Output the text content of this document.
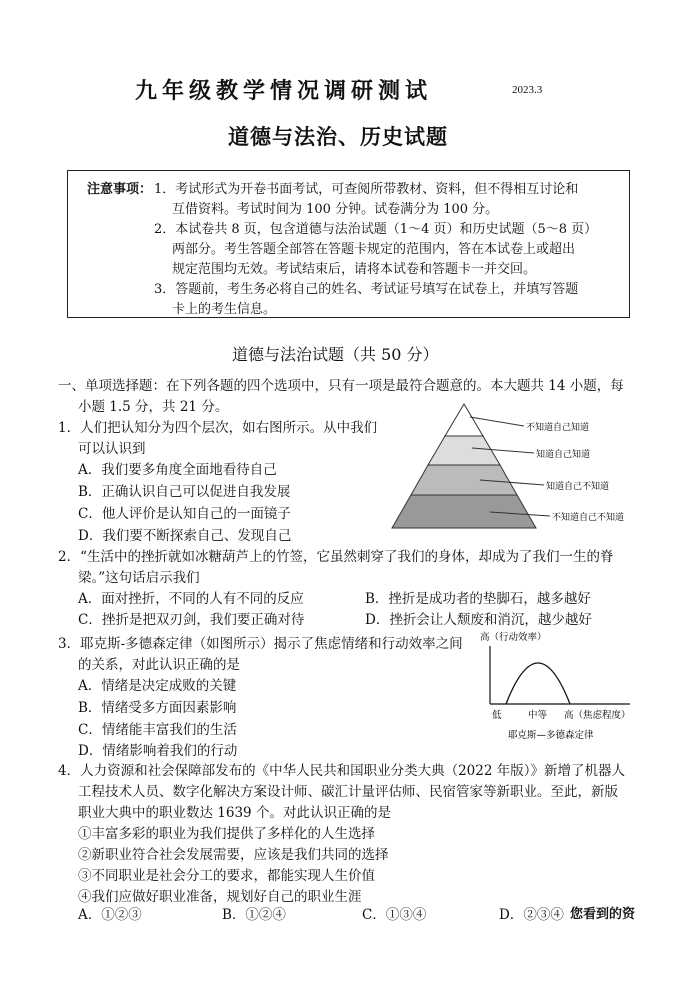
九年级教学情况调研测试	2023.3
道德与法治、历史试题
注意事项： 1．考试形式为开卷书面考试，可查阅所带教材、资料，但不得相互讨论和
互借资料。考试时间为 100 分钟。试卷满分为 100 分。
2．本试卷共 8 页，包含道德与法治试题（1～4 页）和历史试题（5～8 页）
两部分。考生答题全部答在答题卡规定的范围内，答在本试卷上或超出
规定范围均无效。考试结束后，请将本试卷和答题卡一并交回。
3．答题前，考生务必将自己的姓名、考试证号填写在试卷上，并填写答题
卡上的考生信息。
道德与法治试题（共 50 分）
一、单项选择题：在下列各题的四个选项中，只有一项是最符合题意的。本大题共 14 小题，每
小题 1.5 分，共 21 分。
1．人们把认知分为四个层次，如右图所示。从中我们
可以认识到
A．我们要多角度全面地看待自己
B．正确认识自己可以促进自我发展
C．他人评价是认知自己的一面镜子
D．我们要不断探索自己、发现自己
不知道自己知道
知道自己知道
知道自己不知道
不知道自己不知道
2．“生活中的挫折就如冰糖葫芦上的竹签，它虽然刺穿了我们的身体，却成为了我们一生的脊
梁。”这句话启示我们
A．面对挫折，不同的人有不同的反应	B．挫折是成功者的垫脚石，越多越好
C．挫折是把双刃剑，我们要正确对待	D．挫折会让人颓废和消沉，越少越好
3．耶克斯-多德森定律（如图所示）揭示了焦虑情绪和行动效率之间
的关系，对此认识正确的是
A．情绪是决定成败的关键
B．情绪受多方面因素影响
C．情绪能丰富我们的生活
D．情绪影响着我们的行动
高（行动效率）
低	中等 高（焦虑程度）
耶克斯—多德森定律
4．人力资源和社会保障部发布的《中华人民共和国职业分类大典（2022 年版）》新增了机器人
工程技术人员、数字化解决方案设计师、碳汇计量评估师、民宿管家等新职业。至此，新版
职业大典中的职业数达 1639 个。对此认识正确的是
①丰富多彩的职业为我们提供了多样化的人生选择
②新职业符合社会发展需要，应该是我们共同的选择
③不同职业是社会分工的要求，都能实现人生价值
④我们应做好职业准备，规划好自己的职业生涯
A．①②③	B．①②④	C．①③④	D．②③④ 您看到的资
